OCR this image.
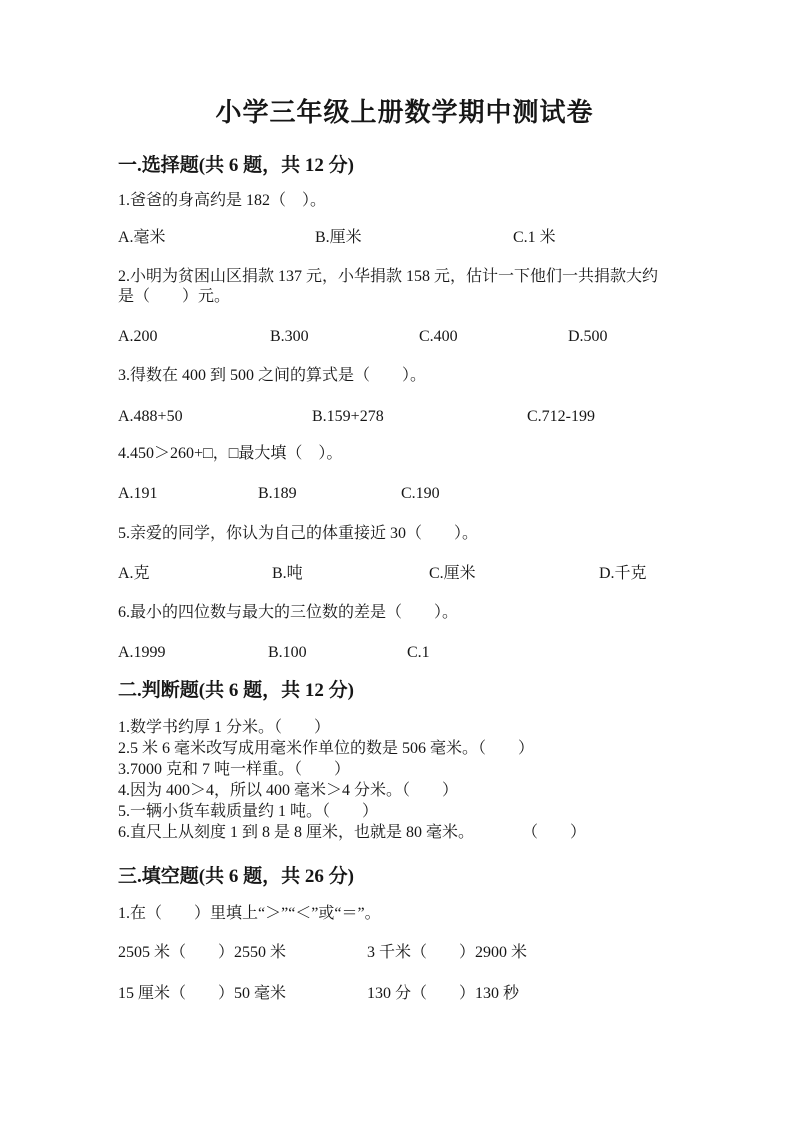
小学三年级上册数学期中测试卷
一.选择题(共 6 题，共 12 分)
1.爸爸的身高约是 182（　）。
A.毫米	B.厘米	C.1 米
2.小明为贫困山区捐款 137 元，小华捐款 158 元，估计一下他们一共捐款大约
是（　　）元。
A.200	B.300	C.400	D.500
3.得数在 400 到 500 之间的算式是（　　）。
A.488+50	B.159+278	C.712-199
4.450＞260+□，□最大填（　）。
A.191	B.189	C.190
5.亲爱的同学，你认为自己的体重接近 30（　　）。
A.克	B.吨	C.厘米	D.千克
6.最小的四位数与最大的三位数的差是（　　）。
A.1999	B.100	C.1
二.判断题(共 6 题，共 12 分)
1.数学书约厚 1 分米。（　　）
2.5 米 6 毫米改写成用毫米作单位的数是 506 毫米。（　　）
3.7000 克和 7 吨一样重。（　　）
4.因为 400＞4，所以 400 毫米＞4 分米。（　　）
5.一辆小货车载质量约 1 吨。（　　）
6.直尺上从刻度 1 到 8 是 8 厘米，也就是 80 毫米。　　　　（　　）
三.填空题(共 6 题，共 26 分)
1.在（　　）里填上“＞”“＜”或“＝”。
2505 米（　　）2550 米	3 千米（　　）2900 米
15 厘米（　　）50 毫米	130 分（　　）130 秒
